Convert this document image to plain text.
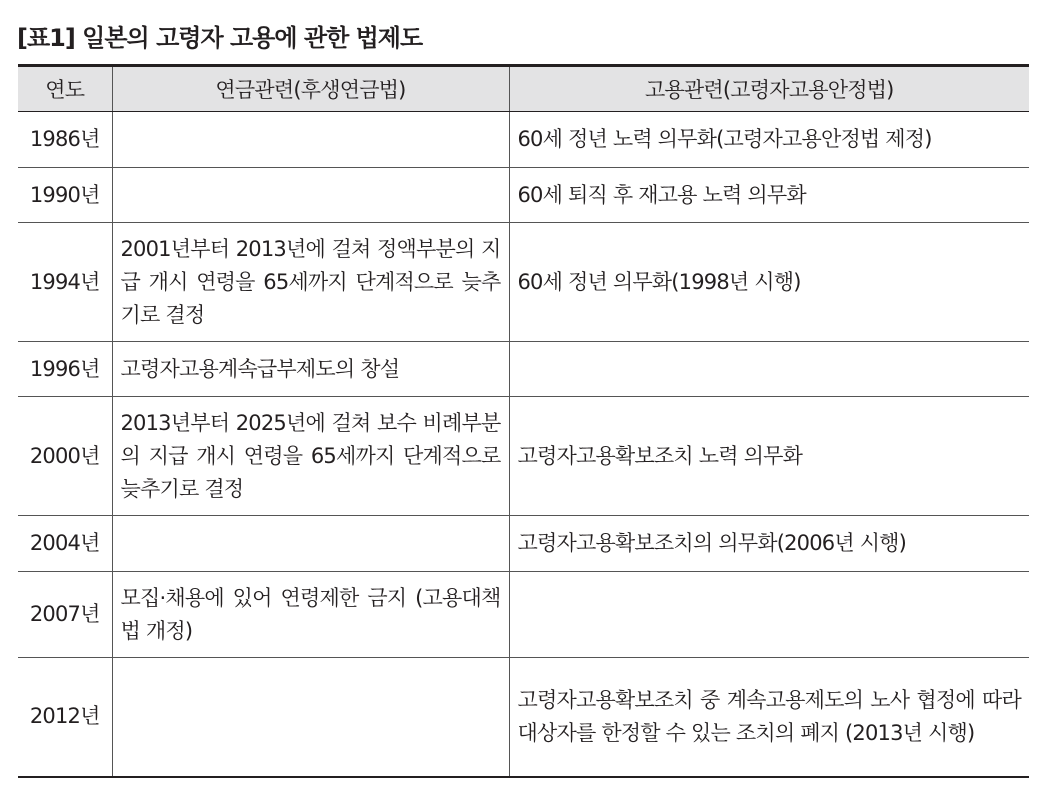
[표1] 일본의 고령자 고용에 관한 법제도
연도	연금관련(후생연금법)	고용관련(고령자고용안정법)
1986년		60세 정년 노력 의무화(고령자고용안정법 제정)
1990년		60세 퇴직 후 재고용 노력 의무화
1994년	2001년부터 2013년에 걸쳐 정액부분의 지급 개시 연령을 65세까지 단계적으로 늦추기로 결정	60세 정년 의무화(1998년 시행)
1996년	고령자고용계속급부제도의 창설	
2000년	2013년부터 2025년에 걸쳐 보수 비례부분의 지급 개시 연령을 65세까지 단계적으로 늦추기로 결정	고령자고용확보조치 노력 의무화
2004년		고령자고용확보조치의 의무화(2006년 시행)
2007년	모집·채용에 있어 연령제한 금지 (고용대책법 개정)	
2012년		고령자고용확보조치 중 계속고용제도의 노사 협정에 따라 대상자를 한정할 수 있는 조치의 폐지 (2013년 시행)
